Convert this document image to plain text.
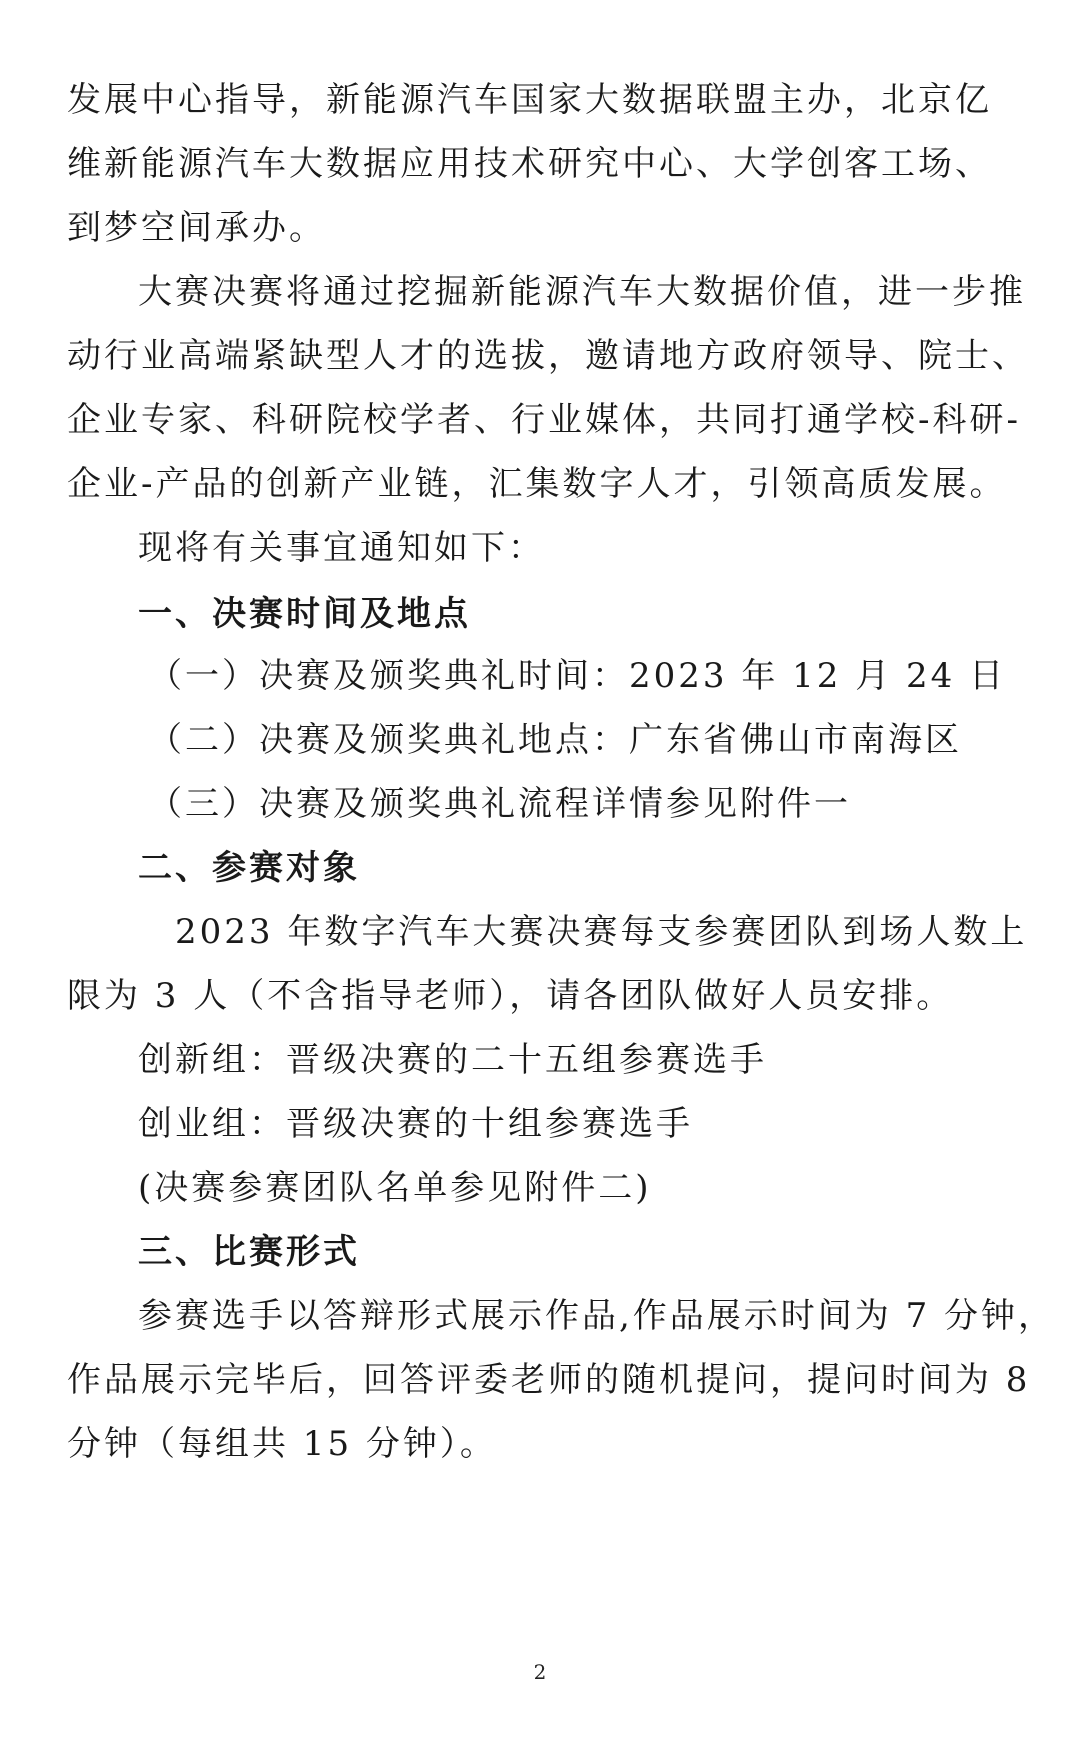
发展中心指导，新能源汽车国家大数据联盟主办，北京亿
维新能源汽车大数据应用技术研究中心、大学创客工场、
到梦空间承办。
大赛决赛将通过挖掘新能源汽车大数据价值，进一步推
动行业高端紧缺型人才的选拔，邀请地方政府领导、院士、
企业专家、科研院校学者、行业媒体，共同打通学校-科研-
企业-产品的创新产业链，汇集数字人才，引领高质发展。
现将有关事宜通知如下：
一、决赛时间及地点
（一）决赛及颁奖典礼时间：2023 年 12 月 24 日
（二）决赛及颁奖典礼地点：广东省佛山市南海区
（三）决赛及颁奖典礼流程详情参见附件一
二、参赛对象
2023 年数字汽车大赛决赛每支参赛团队到场人数上
限为 3 人（不含指导老师），请各团队做好人员安排。
创新组：晋级决赛的二十五组参赛选手
创业组：晋级决赛的十组参赛选手
(决赛参赛团队名单参见附件二)
三、比赛形式
参赛选手以答辩形式展示作品,作品展示时间为 7 分钟，
作品展示完毕后，回答评委老师的随机提问，提问时间为 8
分钟（每组共 15 分钟）。
2
